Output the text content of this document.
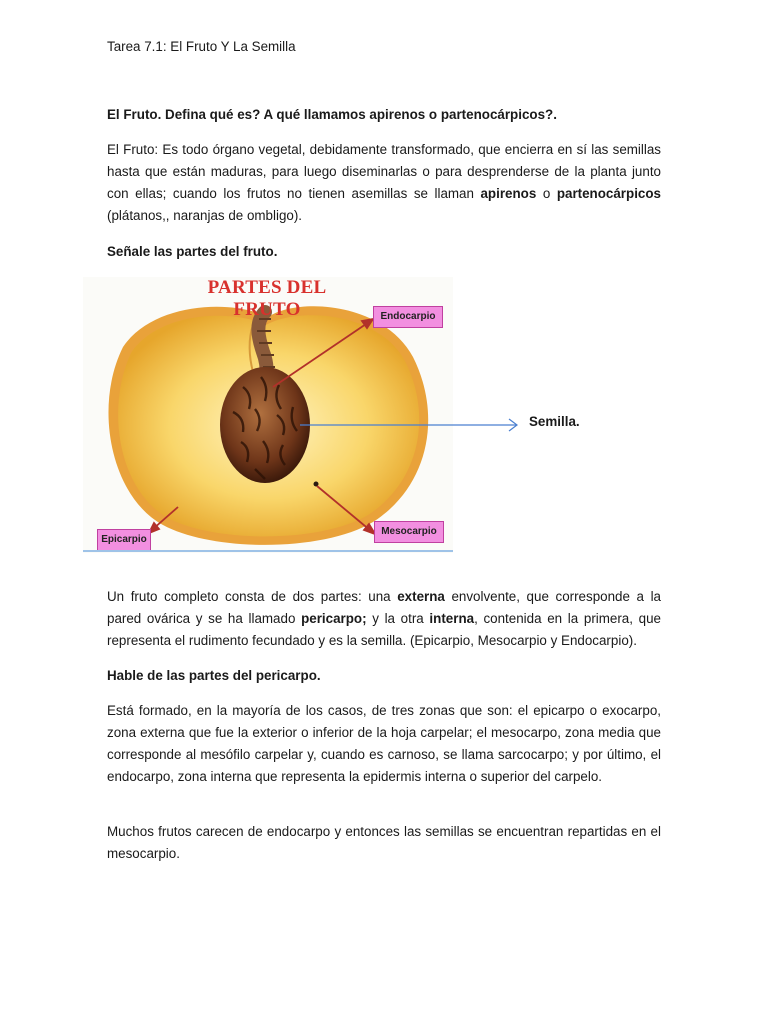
Tarea 7.1: El Fruto Y La Semilla
El Fruto. Defina qué es? A qué llamamos apirenos o partenocárpicos?.
El Fruto: Es todo órgano vegetal, debidamente transformado, que encierra en sí las semillas hasta que están maduras, para luego diseminarlas o para desprenderse de la planta junto con ellas; cuando los frutos no tienen asemillas se llaman apirenos o partenocárpicos (plátanos,, naranjas de ombligo).
Señale las partes del fruto.
PARTES DEL FRUTO	Endocarpio
Mesocarpio
Epicarpio
Semilla.
Un fruto completo consta de dos partes: una externa envolvente, que corresponde a la pared ovárica y se ha llamado pericarpo; y la otra interna, contenida en la primera, que representa el rudimento fecundado y es la semilla. (Epicarpio, Mesocarpio y Endocarpio).
Hable de las partes del pericarpo.
Está formado, en la mayoría de los casos, de tres zonas que son: el epicarpo o exocarpo, zona externa que fue la exterior o inferior de la hoja carpelar; el mesocarpo, zona media que corresponde al mesófilo carpelar y, cuando es carnoso, se llama sarcocarpo; y por último, el endocarpo, zona interna que representa la epidermis interna o superior del carpelo.
Muchos frutos carecen de endocarpo y entonces las semillas se encuentran repartidas en el mesocarpio.
